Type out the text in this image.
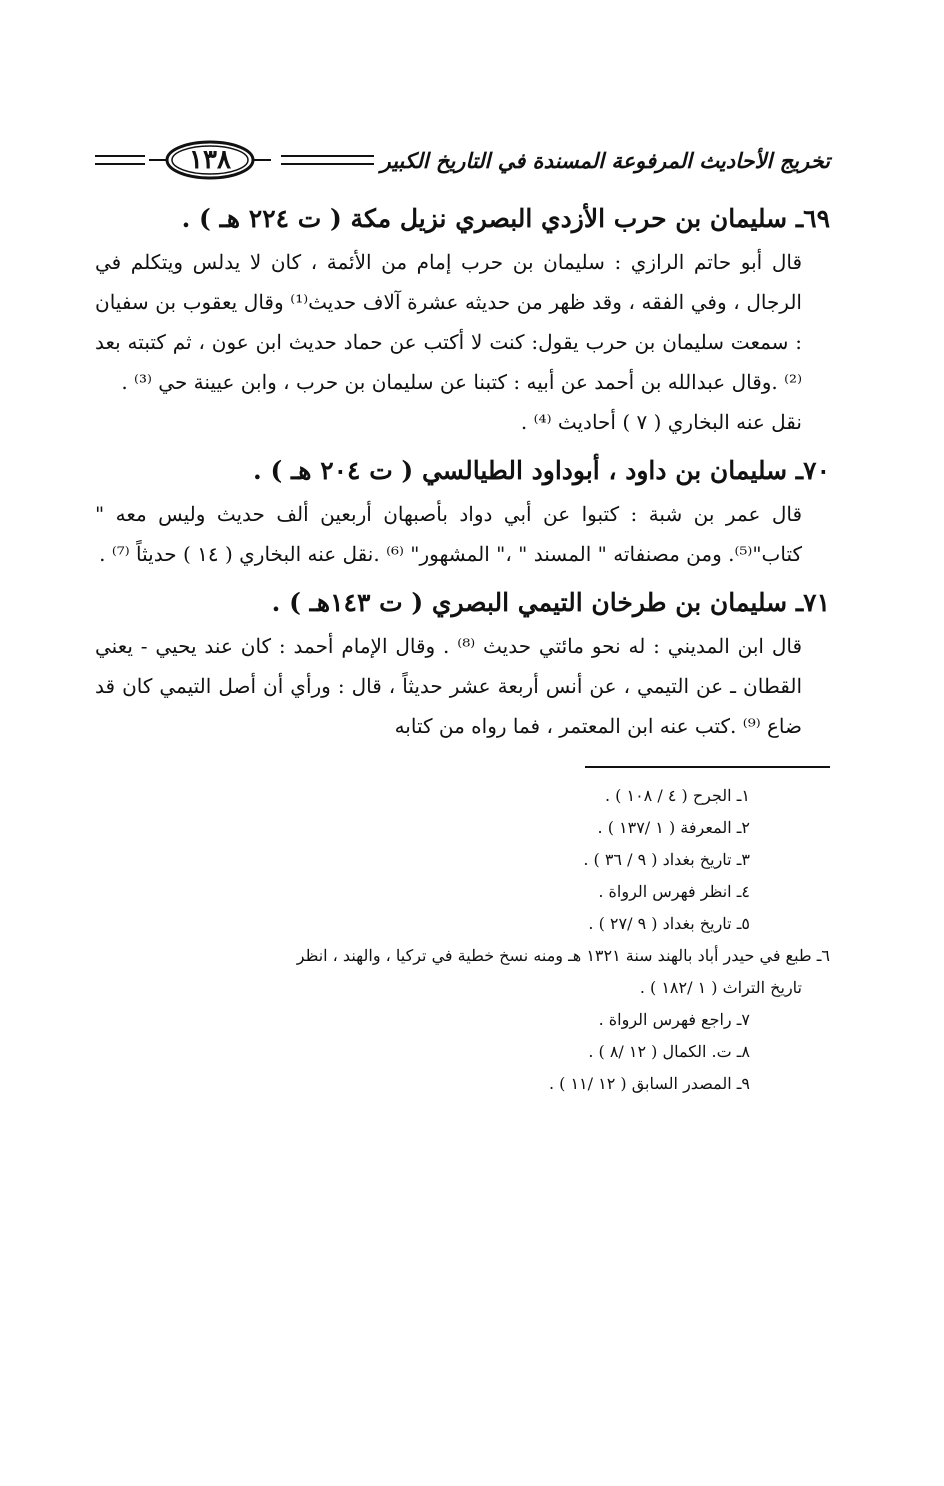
تخريج الأحاديث المرفوعة المسندة في التاريخ الكبير
١٣٨
٦٩ـ سليمان بن حرب الأزدي البصري نزيل مكة ( ت ٢٢٤ هـ ) .

قال أبو حاتم الرازي : سليمان بن حرب إمام من الأئمة ، كان لا يدلس ويتكلم في الرجال ، وفي الفقه ، وقد ظهر من حديثه عشرة آلاف حديث⁽¹⁾ وقال يعقوب بن سفيان : سمعت سليمان بن حرب يقول: كنت لا أكتب عن حماد حديث ابن عون ، ثم كتبته بعد ⁽²⁾ .وقال عبدالله بن أحمد عن أبيه : كتبنا عن سليمان بن حرب ، وابن عيينة حي ⁽³⁾ .

نقل عنه البخاري ( ٧ ) أحاديث ⁽⁴⁾ .

٧٠ـ سليمان بن داود ، أبوداود الطيالسي ( ت ٢٠٤ هـ ) .

قال عمر بن شبة : كتبوا عن أبي دواد بأصبهان أربعين ألف حديث وليس معه " كتاب"⁽⁵⁾. ومن مصنفاته " المسند " ،" المشهور" ⁽⁶⁾ .نقل عنه البخاري ( ١٤ ) حديثاً ⁽⁷⁾ .

٧١ـ سليمان بن طرخان التيمي البصري ( ت ١٤٣هـ ) .

قال ابن المديني : له نحو مائتي حديث ⁽⁸⁾ . وقال الإمام أحمد : كان عند يحيي - يعني القطان ـ عن التيمي ، عن أنس أربعة عشر حديثاً ، قال : ورأي أن أصل التيمي كان قد ضاع ⁽⁹⁾ .كتب عنه ابن المعتمر ، فما رواه من كتابه

١ـ الجرح ( ٤ / ١٠٨ ) .
٢ـ المعرفة ( ١ /١٣٧ ) .
٣ـ تاريخ بغداد ( ٩ / ٣٦ ) .
٤ـ انظر فهرس الرواة .
٥ـ تاريخ بغداد ( ٩ /٢٧ ) .
٦ـ طبع في حيدر أباد بالهند سنة ١٣٢١ هـ ومنه نسخ خطية في تركيا ، والهند ، انظر
تاريخ التراث ( ١ /١٨٢ ) .
٧ـ راجع فهرس الرواة .
٨ـ ت. الكمال ( ١٢ /٨ ) .
٩ـ المصدر السابق ( ١٢ /١١ ) .
